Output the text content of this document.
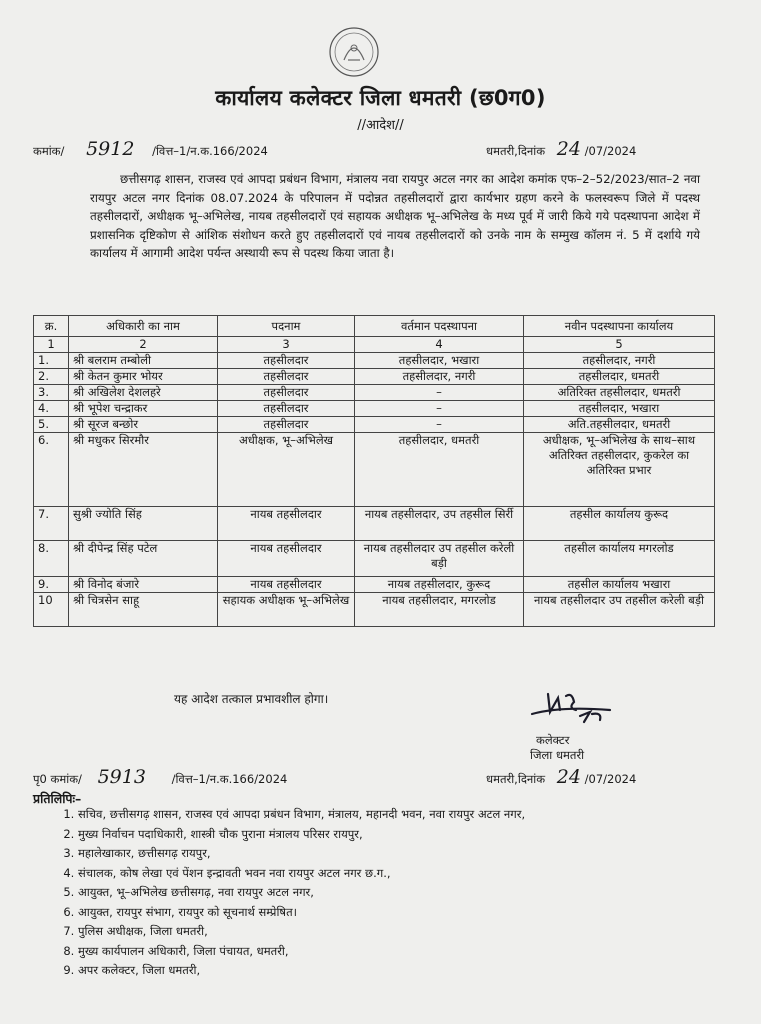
कार्यालय कलेक्टर जिला धमतरी (छ0ग0)
//आदेश//
कमांक/ 5912 /वित्त–1/न.क.166/2024	धमतरी,दिनांक 24 /07/2024
छत्तीसगढ़ शासन, राजस्व एवं आपदा प्रबंधन विभाग, मंत्रालय नवा रायपुर अटल नगर का आदेश कमांक एफ–2–52/2023/सात–2 नवा रायपुर अटल नगर दिनांक 08.07.2024 के परिपालन में पदोन्नत तहसीलदारों द्वारा कार्यभार ग्रहण करने के फलस्वरूप जिले में पदस्थ तहसीलदारों, अधीक्षक भू–अभिलेख, नायब तहसीलदारों एवं सहायक अधीक्षक भू–अभिलेख के मध्य पूर्व में जारी किये गये पदस्थापना आदेश में प्रशासनिक दृष्टिकोण से आंशिक संशोधन करते हुए तहसीलदारों एवं नायब तहसीलदारों को उनके नाम के सम्मुख कॉलम नं. 5 में दर्शाये गये कार्यालय में आगामी आदेश पर्यन्त अस्थायी रूप से पदस्थ किया जाता है।
क्र.	अधिकारी का नाम	पदनाम	वर्तमान पदस्थापना	नवीन पदस्थापना कार्यालय
1	2	3	4	5
1.	श्री बलराम तम्बोली	तहसीलदार	तहसीलदार, भखारा	तहसीलदार, नगरी
2.	श्री केतन कुमार भोयर	तहसीलदार	तहसीलदार, नगरी	तहसीलदार, धमतरी
3.	श्री अखिलेश देशलहरे	तहसीलदार	–	अतिरिक्त तहसीलदार, धमतरी
4.	श्री भूपेश चन्द्राकर	तहसीलदार	–	तहसीलदार, भखारा
5.	श्री सूरज बन्छोर	तहसीलदार	–	अति.तहसीलदार, धमतरी
6.	श्री मधुकर सिरमौर	अधीक्षक, भू–अभिलेख	तहसीलदार, धमतरी	अधीक्षक, भू–अभिलेख के साथ–साथ अतिरिक्त तहसीलदार, कुकरेल का अतिरिक्त प्रभार
7.	सुश्री ज्योति सिंह	नायब तहसीलदार	नायब तहसीलदार, उप तहसील सिर्री	तहसील कार्यालय कुरूद
8.	श्री दीपेन्द्र सिंह पटेल	नायब तहसीलदार	नायब तहसीलदार उप तहसील करेली बड़ी	तहसील कार्यालय मगरलोड
9.	श्री विनोद बंजारे	नायब तहसीलदार	नायब तहसीलदार, कुरूद	तहसील कार्यालय भखारा
10	श्री चित्रसेन साहू	सहायक अधीक्षक भू–अभिलेख	नायब तहसीलदार, मगरलोड	नायब तहसीलदार उप तहसील करेली बड़ी
यह आदेश तत्काल प्रभावशील होगा।
कलेक्टर
जिला धमतरी
पृ0 कमांक/ 5913 /वित्त–1/न.क.166/2024	धमतरी,दिनांक 24 /07/2024
प्रतिलिपिः–
1. सचिव, छत्तीसगढ़ शासन, राजस्व एवं आपदा प्रबंधन विभाग, मंत्रालय, महानदी भवन, नवा रायपुर अटल नगर,
2. मुख्य निर्वाचन पदाधिकारी, शास्त्री चौक पुराना मंत्रालय परिसर रायपुर,
3. महालेखाकार, छत्तीसगढ़ रायपुर,
4. संचालक, कोष लेखा एवं पेंशन इन्द्रावती भवन नवा रायपुर अटल नगर छ.ग.,
5. आयुक्त, भू–अभिलेख छत्तीसगढ़, नवा रायपुर अटल नगर,
6. आयुक्त, रायपुर संभाग, रायपुर को सूचनार्थ सम्प्रेषित।
7. पुलिस अधीक्षक, जिला धमतरी,
8. मुख्य कार्यपालन अधिकारी, जिला पंचायत, धमतरी,
9. अपर कलेक्टर, जिला धमतरी,
